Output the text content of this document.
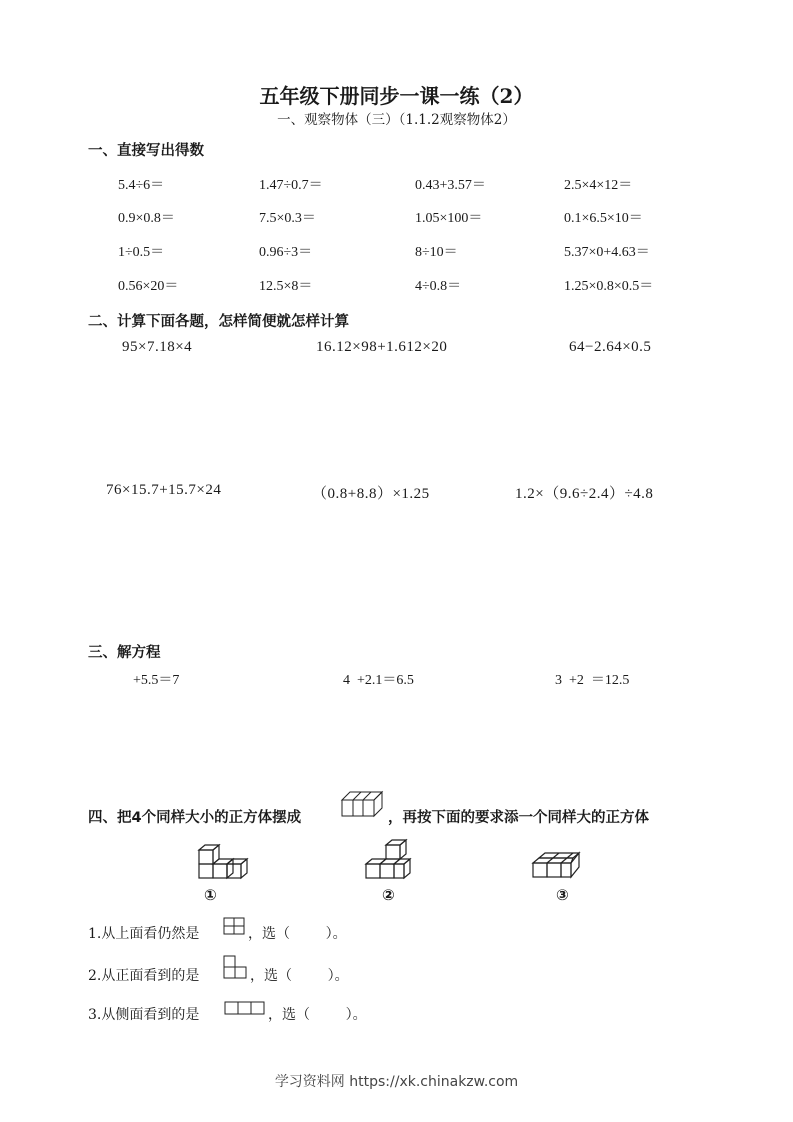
五年级下册同步一课一练（2）
一、观察物体（三）（1.1.2观察物体2）
一、直接写出得数
5.4÷6＝	1.47÷0.7＝	0.43+3.57＝	2.5×4×12＝
0.9×0.8＝	7.5×0.3＝	1.05×100＝	0.1×6.5×10＝
1÷0.5＝	0.96÷3＝	8÷10＝	5.37×0+4.63＝
0.56×20＝	12.5×8＝	4÷0.8＝	1.25×0.8×0.5＝
二、计算下面各题，怎样简便就怎样计算
95×7.18×4	16.12×98+1.612×20	64−2.64×0.5
76×15.7+15.7×24	（0.8+8.8）×1.25	1.2×（9.6÷2.4）÷4.8
三、解方程
+5.5＝7	4  +2.1＝6.5	3  +2  ＝12.5
四、把4个同样大小的正方体摆成	，再按下面的要求添一个同样大的正方体
①	②	③
1.从上面看仍然是	，选（        ）。
2.从正面看到的是	，选（        ）。
3.从侧面看到的是	，选（        ）。
学习资料网 https://xk.chinakzw.com
